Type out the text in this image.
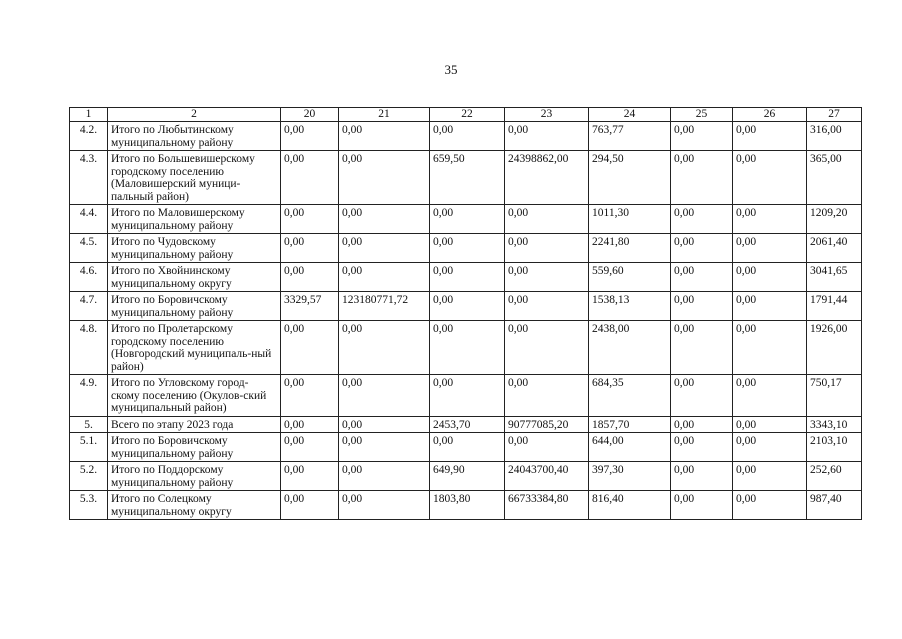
35
1	2	20	21	22	23	24	25	26	27
4.2.	Итого по Любытинскому муниципальному району	0,00	0,00	0,00	0,00	763,77	0,00	0,00	316,00
4.3.	Итого по Большевишерскому городскому поселению (Маловишерский муници-пальный район)	0,00	0,00	659,50	24398862,00	294,50	0,00	0,00	365,00
4.4.	Итого по Маловишерскому муниципальному району	0,00	0,00	0,00	0,00	1011,30	0,00	0,00	1209,20
4.5.	Итого по Чудовскому муниципальному району	0,00	0,00	0,00	0,00	2241,80	0,00	0,00	2061,40
4.6.	Итого по Хвойнинскому муниципальному округу	0,00	0,00	0,00	0,00	559,60	0,00	0,00	3041,65
4.7.	Итого по Боровичскому муниципальному району	3329,57	123180771,72	0,00	0,00	1538,13	0,00	0,00	1791,44
4.8.	Итого по Пролетарскому городскому поселению (Новгородский муниципаль-ный район)	0,00	0,00	0,00	0,00	2438,00	0,00	0,00	1926,00
4.9.	Итого по Угловскому город-скому поселению (Окулов-ский муниципальный район)	0,00	0,00	0,00	0,00	684,35	0,00	0,00	750,17
5.	Всего по этапу 2023 года	0,00	0,00	2453,70	90777085,20	1857,70	0,00	0,00	3343,10
5.1.	Итого по Боровичскому муниципальному району	0,00	0,00	0,00	0,00	644,00	0,00	0,00	2103,10
5.2.	Итого по Поддорскому муниципальному району	0,00	0,00	649,90	24043700,40	397,30	0,00	0,00	252,60
5.3.	Итого по Солецкому муниципальному округу	0,00	0,00	1803,80	66733384,80	816,40	0,00	0,00	987,40
